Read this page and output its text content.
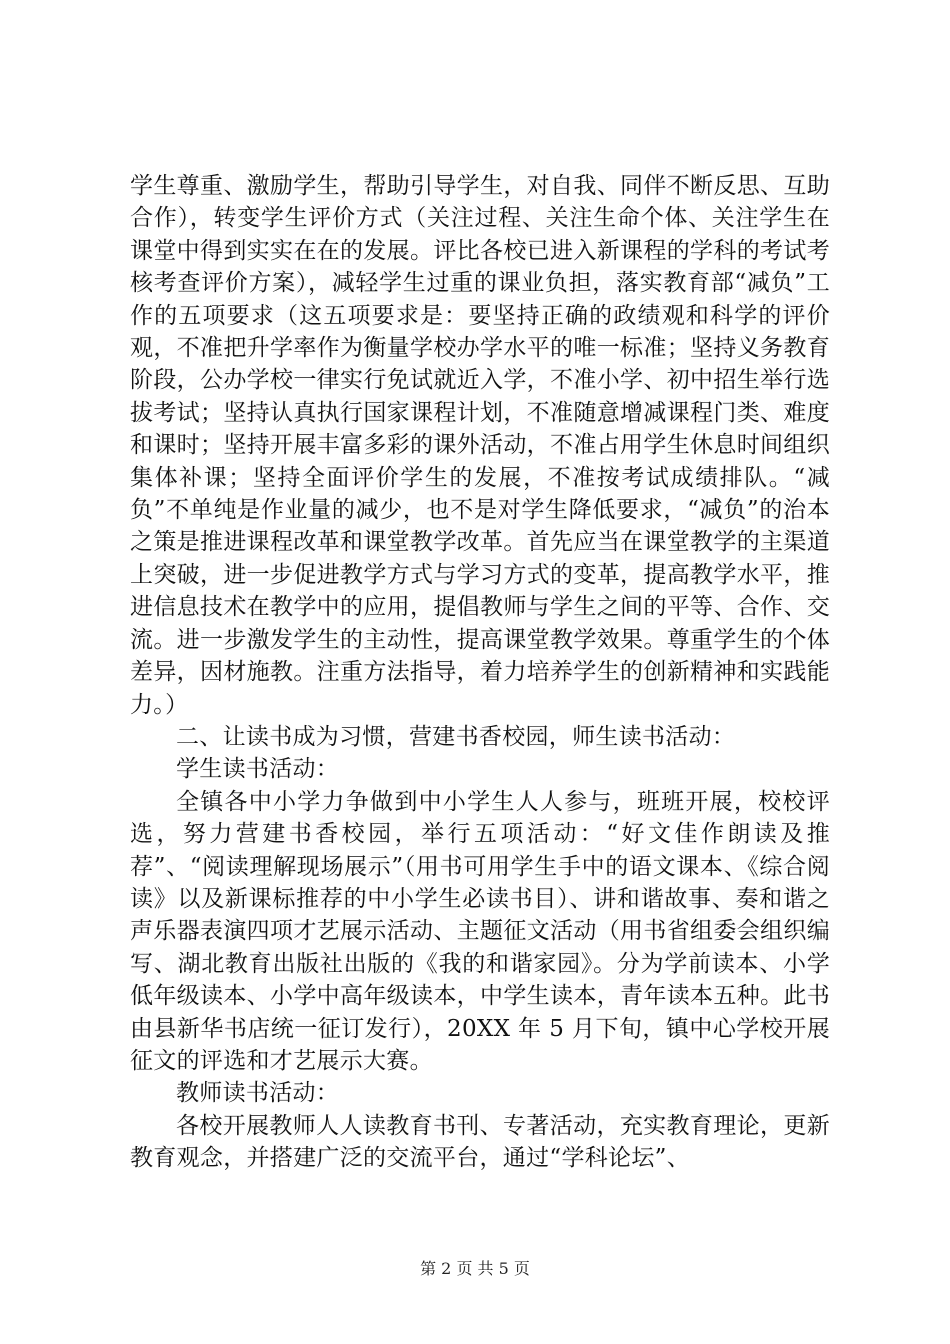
学生尊重、激励学生，帮助引导学生，对自我、同伴不断反思、互助合作），转变学生评价方式（关注过程、关注生命个体、关注学生在课堂中得到实实在在的发展。评比各校已进入新课程的学科的考试考核考查评价方案），减轻学生过重的课业负担，落实教育部“减负”工作的五项要求（这五项要求是：要坚持正确的政绩观和科学的评价观，不准把升学率作为衡量学校办学水平的唯一标准；坚持义务教育阶段，公办学校一律实行免试就近入学，不准小学、初中招生举行选拔考试；坚持认真执行国家课程计划，不准随意增减课程门类、难度和课时；坚持开展丰富多彩的课外活动，不准占用学生休息时间组织集体补课；坚持全面评价学生的发展，不准按考试成绩排队。“减负”不单纯是作业量的减少，也不是对学生降低要求，“减负”的治本之策是推进课程改革和课堂教学改革。首先应当在课堂教学的主渠道上突破，进一步促进教学方式与学习方式的变革，提高教学水平，推进信息技术在教学中的应用，提倡教师与学生之间的平等、合作、交流。进一步激发学生的主动性，提高课堂教学效果。尊重学生的个体差异，因材施教。注重方法指导，着力培养学生的创新精神和实践能力。）

二、让读书成为习惯，营建书香校园，师生读书活动：

学生读书活动：

全镇各中小学力争做到中小学生人人参与，班班开展，校校评选，努力营建书香校园，举行五项活动：“好文佳作朗读及推荐”、“阅读理解现场展示”（用书可用学生手中的语文课本、《综合阅读》以及新课标推荐的中小学生必读书目）、讲和谐故事、奏和谐之声乐器表演四项才艺展示活动、主题征文活动（用书省组委会组织编写、湖北教育出版社出版的《我的和谐家园》。分为学前读本、小学低年级读本、小学中高年级读本，中学生读本，青年读本五种。此书由县新华书店统一征订发行），20XX 年 5 月下旬，镇中心学校开展征文的评选和才艺展示大赛。

教师读书活动：

各校开展教师人人读教育书刊、专著活动，充实教育理论，更新教育观念，并搭建广泛的交流平台，通过“学科论坛”、

第 2 页 共 5 页
